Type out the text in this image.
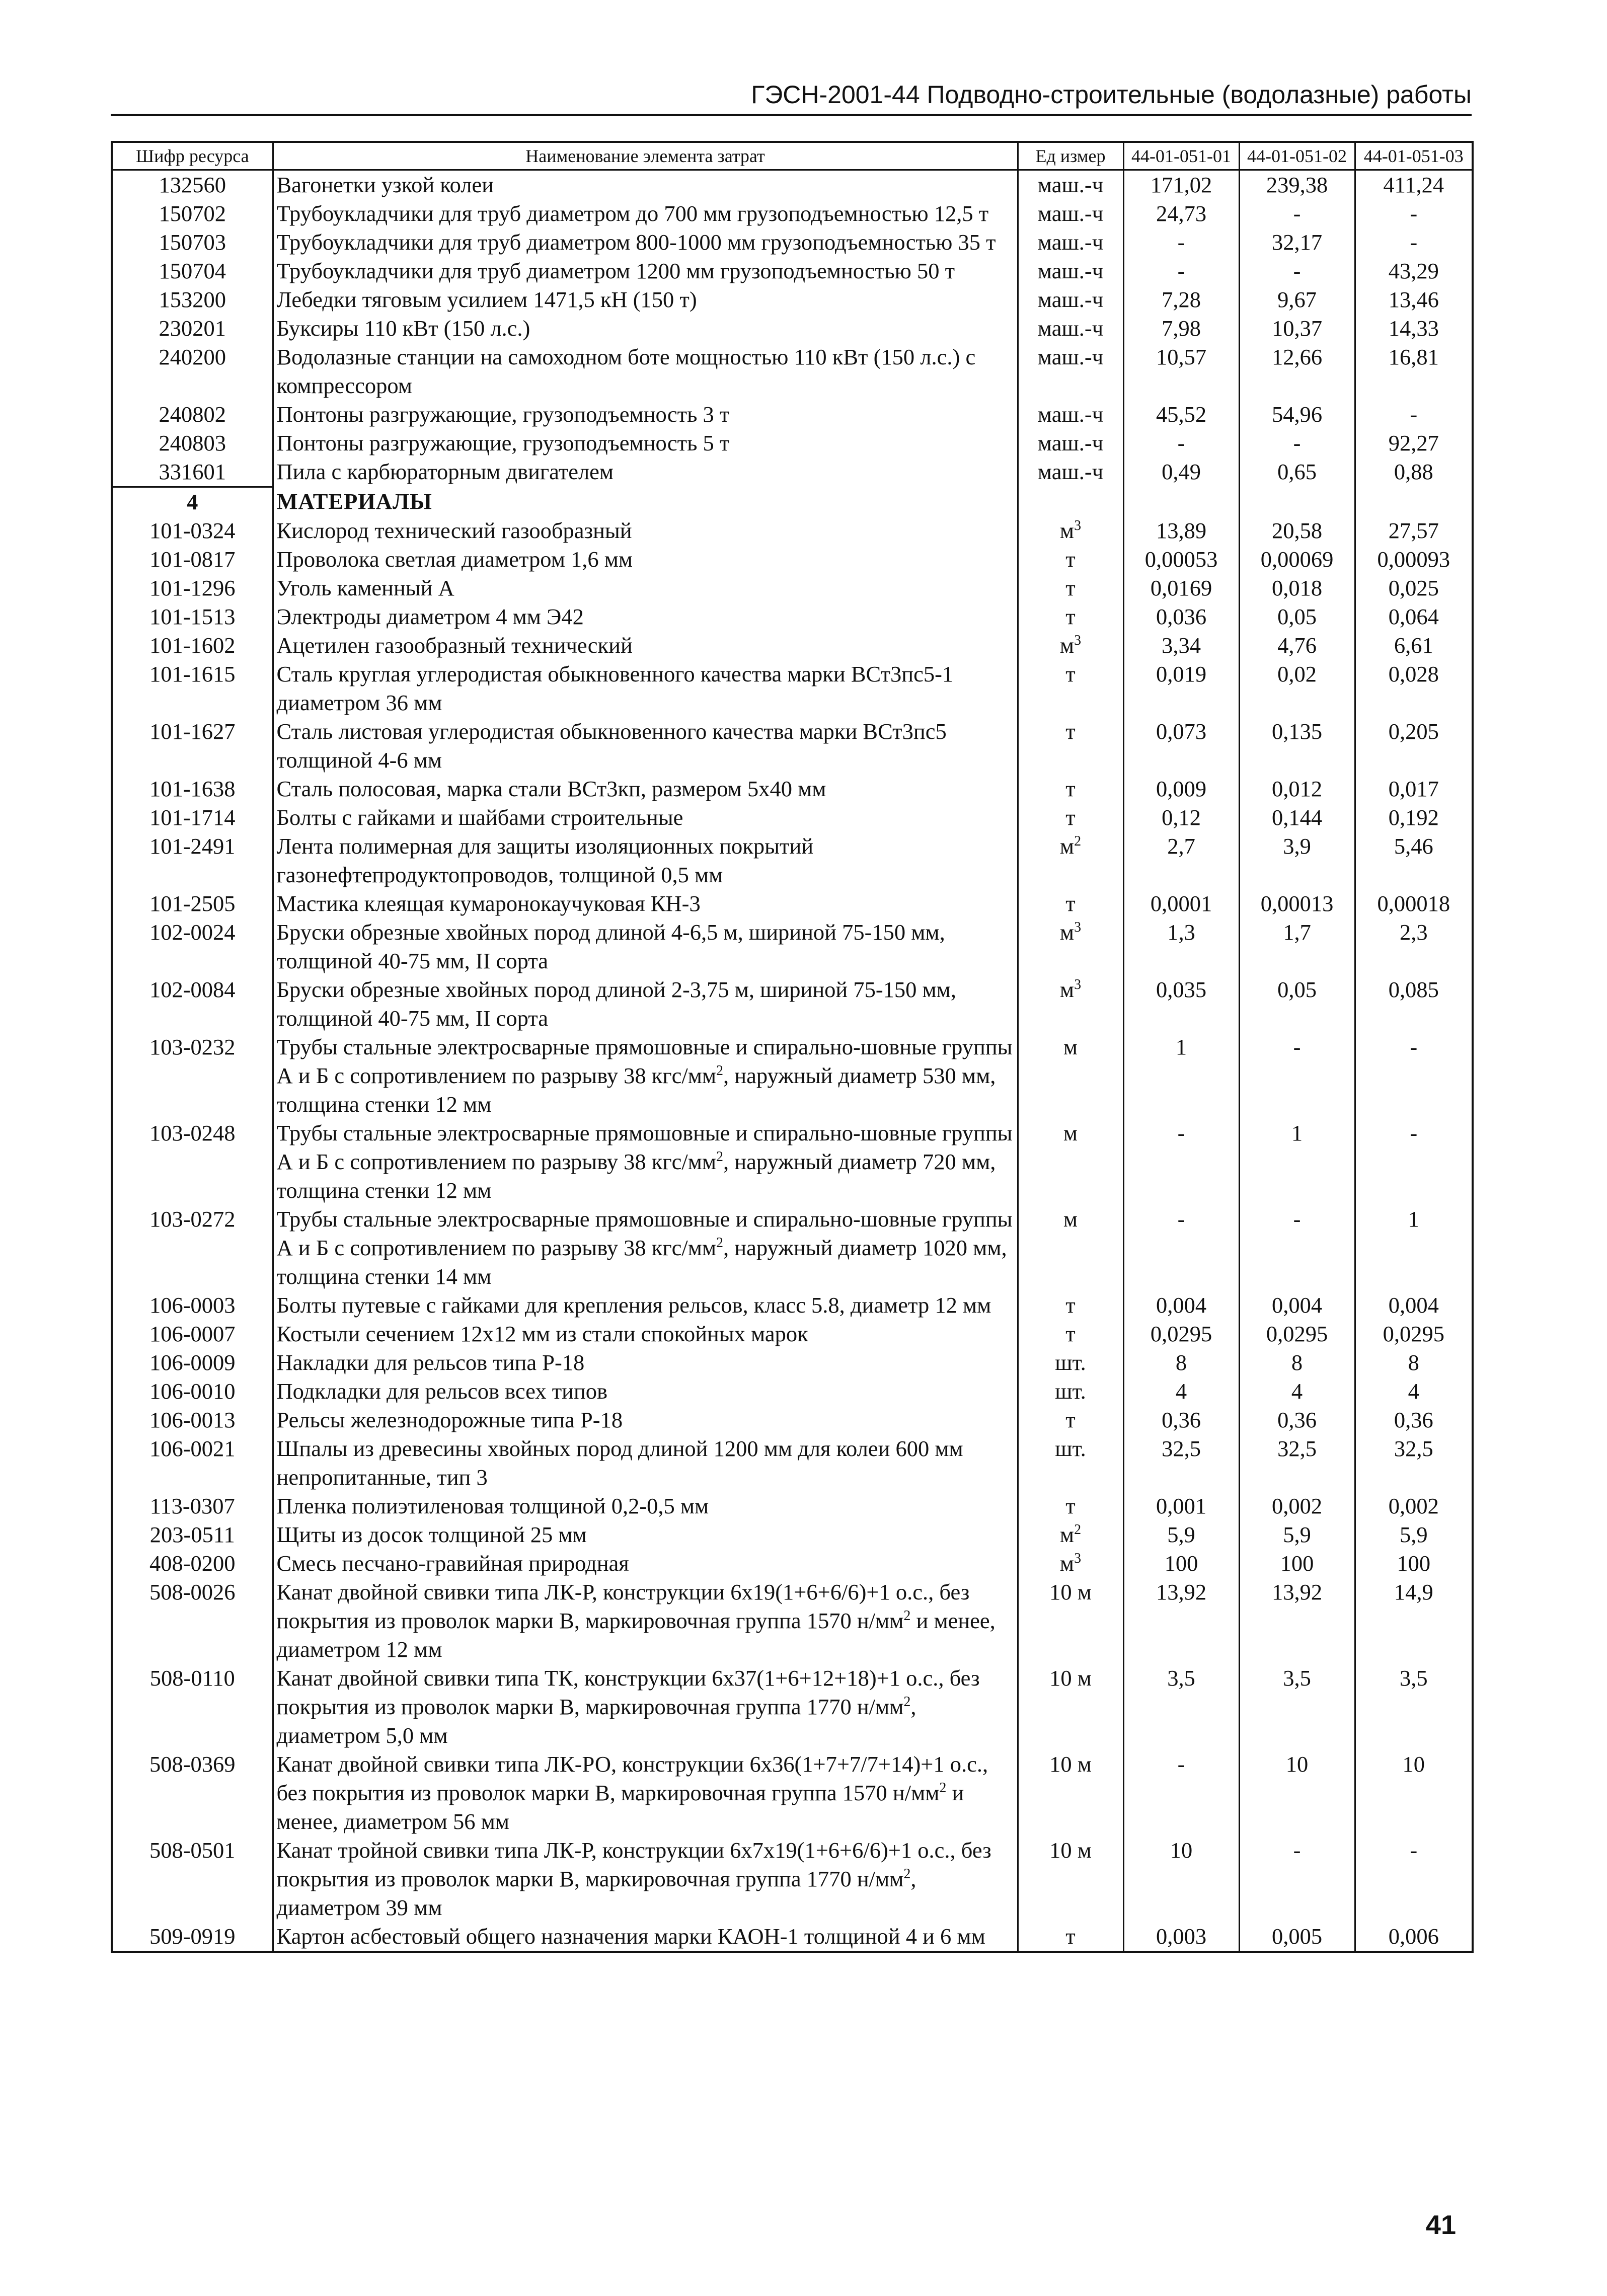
ГЭСН-2001-44 Подводно-строительные (водолазные) работы
Шифр ресурса	Наименование элемента затрат	Ед измер	44-01-051-01	44-01-051-02	44-01-051-03
132560	Вагонетки узкой колеи	маш.-ч	171,02	239,38	411,24
150702	Трубоукладчики для труб диаметром до 700 мм грузоподъемностью 12,5 т	маш.-ч	24,73	-	-
150703	Трубоукладчики для труб диаметром 800-1000 мм грузоподъемностью 35 т	маш.-ч	-	32,17	-
150704	Трубоукладчики для труб диаметром 1200 мм грузоподъемностью 50 т	маш.-ч	-	-	43,29
153200	Лебедки тяговым усилием 1471,5 кН (150 т)	маш.-ч	7,28	9,67	13,46
230201	Буксиры 110 кВт (150 л.с.)	маш.-ч	7,98	10,37	14,33
240200	Водолазные станции на самоходном боте мощностью 110 кВт (150 л.с.) с компрессором	маш.-ч	10,57	12,66	16,81
240802	Понтоны разгружающие, грузоподъемность 3 т	маш.-ч	45,52	54,96	-
240803	Понтоны разгружающие, грузоподъемность 5 т	маш.-ч	-	-	92,27
331601	Пила с карбюраторным двигателем	маш.-ч	0,49	0,65	0,88
4	МАТЕРИАЛЫ				
101-0324	Кислород технический газообразный	$м^3$	13,89	20,58	27,57
101-0817	Проволока светлая диаметром 1,6 мм	т	0,00053	0,00069	0,00093
101-1296	Уголь каменный А	т	0,0169	0,018	0,025
101-1513	Электроды диаметром 4 мм Э42	т	0,036	0,05	0,064
101-1602	Ацетилен газообразный технический	$м^3$	3,34	4,76	6,61
101-1615	Сталь круглая углеродистая обыкновенного качества марки ВСт3пс5-1 диаметром 36 мм	т	0,019	0,02	0,028
101-1627	Сталь листовая углеродистая обыкновенного качества марки ВСт3пс5 толщиной 4-6 мм	т	0,073	0,135	0,205
101-1638	Сталь полосовая, марка стали ВСт3кп, размером 5х40 мм	т	0,009	0,012	0,017
101-1714	Болты с гайками и шайбами строительные	т	0,12	0,144	0,192
101-2491	Лента полимерная для защиты изоляционных покрытий газонефтепродуктопроводов, толщиной 0,5 мм	$м^2$	2,7	3,9	5,46
101-2505	Мастика клеящая кумаронокаучуковая КН-3	т	0,0001	0,00013	0,00018
102-0024	Бруски обрезные хвойных пород длиной 4-6,5 м, шириной 75-150 мм, толщиной 40-75 мм, II сорта	$м^3$	1,3	1,7	2,3
102-0084	Бруски обрезные хвойных пород длиной 2-3,75 м, шириной 75-150 мм, толщиной 40-75 мм, II сорта	$м^3$	0,035	0,05	0,085
103-0232	Трубы стальные электросварные прямошовные и спирально-шовные группы А и Б с сопротивлением по разрыву 38 кгс/$мм^2$, наружный диаметр 530 мм, толщина стенки 12 мм	м	1	-	-
103-0248	Трубы стальные электросварные прямошовные и спирально-шовные группы А и Б с сопротивлением по разрыву 38 кгс/$мм^2$, наружный диаметр 720 мм, толщина стенки 12 мм	м	-	1	-
103-0272	Трубы стальные электросварные прямошовные и спирально-шовные группы А и Б с сопротивлением по разрыву 38 кгс/$мм^2$, наружный диаметр 1020 мм, толщина стенки 14 мм	м	-	-	1
106-0003	Болты путевые с гайками для крепления рельсов, класс 5.8, диаметр 12 мм	т	0,004	0,004	0,004
106-0007	Костыли сечением 12х12 мм из стали спокойных марок	т	0,0295	0,0295	0,0295
106-0009	Накладки для рельсов типа Р-18	шт.	8	8	8
106-0010	Подкладки для рельсов всех типов	шт.	4	4	4
106-0013	Рельсы железнодорожные типа Р-18	т	0,36	0,36	0,36
106-0021	Шпалы из древесины хвойных пород длиной 1200 мм для колеи 600 мм непропитанные, тип 3	шт.	32,5	32,5	32,5
113-0307	Пленка полиэтиленовая толщиной 0,2-0,5 мм	т	0,001	0,002	0,002
203-0511	Щиты из досок толщиной 25 мм	$м^2$	5,9	5,9	5,9
408-0200	Смесь песчано-гравийная природная	$м^3$	100	100	100
508-0026	Канат двойной свивки типа ЛК-Р, конструкции 6х19(1+6+6/6)+1 о.с., без покрытия из проволок марки В, маркировочная группа 1570 $н/мм^2$ и менее, диаметром 12 мм	10 м	13,92	13,92	14,9
508-0110	Канат двойной свивки типа ТК, конструкции 6х37(1+6+12+18)+1 о.с., без покрытия из проволок марки В, маркировочная группа 1770 $н/мм^2$, диаметром 5,0 мм	10 м	3,5	3,5	3,5
508-0369	Канат двойной свивки типа ЛК-РО, конструкции 6х36(1+7+7/7+14)+1 о.с., без покрытия из проволок марки В, маркировочная группа 1570 $н/мм^2$ и менее, диаметром 56 мм	10 м	-	10	10
508-0501	Канат тройной свивки типа ЛК-Р, конструкции 6х7х19(1+6+6/6)+1 о.с., без покрытия из проволок марки В, маркировочная группа 1770 $н/мм^2$, диаметром 39 мм	10 м	10	-	-
509-0919	Картон асбестовый общего назначения марки КАОН-1 толщиной 4 и 6 мм	т	0,003	0,005	0,006
41
